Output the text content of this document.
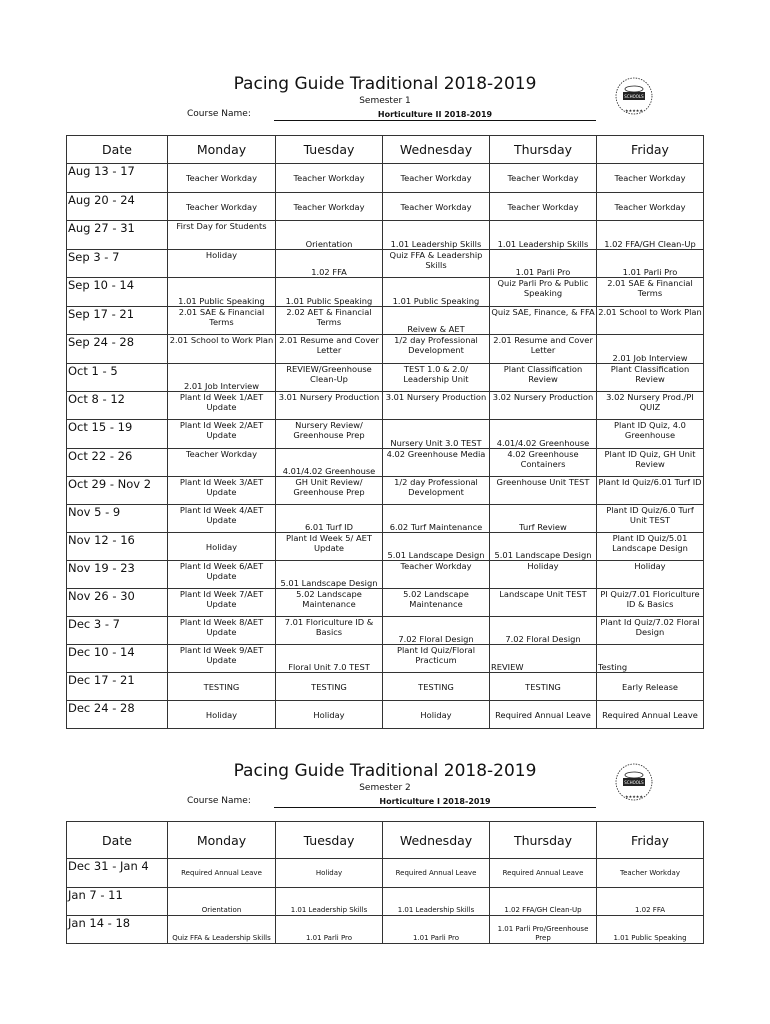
Pacing Guide Traditional 2018-2019
Semester 1
Course Name:	Horticulture II 2018-2019
SCHOOLS
★★★★★
Date	Monday	Tuesday	Wednesday	Thursday	Friday
Aug 13 - 17	Teacher Workday	Teacher Workday	Teacher Workday	Teacher Workday	Teacher Workday
Aug 20 - 24	Teacher Workday	Teacher Workday	Teacher Workday	Teacher Workday	Teacher Workday
Aug 27 - 31	First Day for Students	Orientation	1.01 Leadership Skills	1.01 Leadership Skills	1.02 FFA/GH Clean-Up
Sep 3 - 7	Holiday	1.02 FFA	Quiz FFA & Leadership Skills	1.01 Parli Pro	1.01 Parli Pro
Sep 10 - 14	1.01 Public Speaking	1.01 Public Speaking	1.01 Public Speaking	Quiz Parli Pro & Public Speaking	2.01 SAE & Financial Terms
Sep 17 - 21	2.01 SAE & Financial Terms	2.02 AET & Financial Terms	Reivew & AET	Quiz SAE, Finance, & FFA	2.01 School to Work Plan
Sep 24 - 28	2.01 School to Work Plan	2.01 Resume and Cover Letter	1/2 day Professional Development	2.01 Resume and Cover Letter	2.01 Job Interview
Oct 1 - 5	2.01 Job Interview	REVIEW/Greenhouse Clean-Up	TEST 1.0 & 2.0/ Leadership Unit	Plant Classification Review	Plant Classification Review
Oct 8 - 12	Plant Id Week 1/AET Update	3.01 Nursery Production	3.01 Nursery Production	3.02 Nursery Production	3.02 Nursery Prod./PI QUIZ
Oct 15 - 19	Plant Id Week 2/AET Update	Nursery Review/ Greenhouse Prep	Nursery Unit 3.0 TEST	4.01/4.02 Greenhouse	Plant ID Quiz, 4.0 Greenhouse
Oct 22 - 26	Teacher Workday	4.01/4.02 Greenhouse	4.02 Greenhouse Media	4.02 Greenhouse Containers	Plant ID Quiz, GH Unit Review
Oct 29 - Nov 2	Plant Id Week 3/AET Update	GH Unit Review/ Greenhouse Prep	1/2 day Professional Development	Greenhouse Unit TEST	Plant Id Quiz/6.01 Turf ID
Nov 5 - 9	Plant Id Week 4/AET Update	6.01 Turf ID	6.02 Turf Maintenance	Turf Review	Plant ID Quiz/6.0 Turf Unit TEST
Nov 12 - 16	Holiday	Plant Id Week 5/ AET Update	5.01 Landscape Design	5.01 Landscape Design	Plant ID Quiz/5.01 Landscape Design
Nov 19 - 23	Plant Id Week 6/AET Update	5.01 Landscape Design	Teacher Workday	Holiday	Holiday
Nov 26 - 30	Plant Id Week 7/AET Update	5.02 Landscape Maintenance	5.02 Landscape Maintenance	Landscape Unit TEST	PI Quiz/7.01 Floriculture ID & Basics
Dec 3 - 7	Plant Id Week 8/AET Update	7.01 Floriculture ID & Basics	7.02 Floral Design	7.02 Floral Design	Plant Id Quiz/7.02 Floral Design
Dec 10 - 14	Plant Id Week 9/AET Update	Floral Unit 7.0 TEST	Plant Id Quiz/Floral Practicum	REVIEW	Testing
Dec 17 - 21	TESTING	TESTING	TESTING	TESTING	Early Release
Dec 24 - 28	Holiday	Holiday	Holiday	Required Annual Leave	Required Annual Leave
Pacing Guide Traditional 2018-2019
Semester 2
Course Name:	Horticulture I 2018-2019
SCHOOLS
★★★★★
Date	Monday	Tuesday	Wednesday	Thursday	Friday
Dec 31 - Jan 4	Required Annual Leave	Holiday	Required Annual Leave	Required Annual Leave	Teacher Workday
Jan 7 - 11	Orientation	1.01 Leadership Skills	1.01 Leadership Skills	1.02 FFA/GH Clean-Up	1.02 FFA
Jan 14 - 18	Quiz FFA & Leadership Skills	1.01 Parli Pro	1.01 Parli Pro	1.01 Parli Pro/Greenhouse Prep	1.01 Public Speaking
